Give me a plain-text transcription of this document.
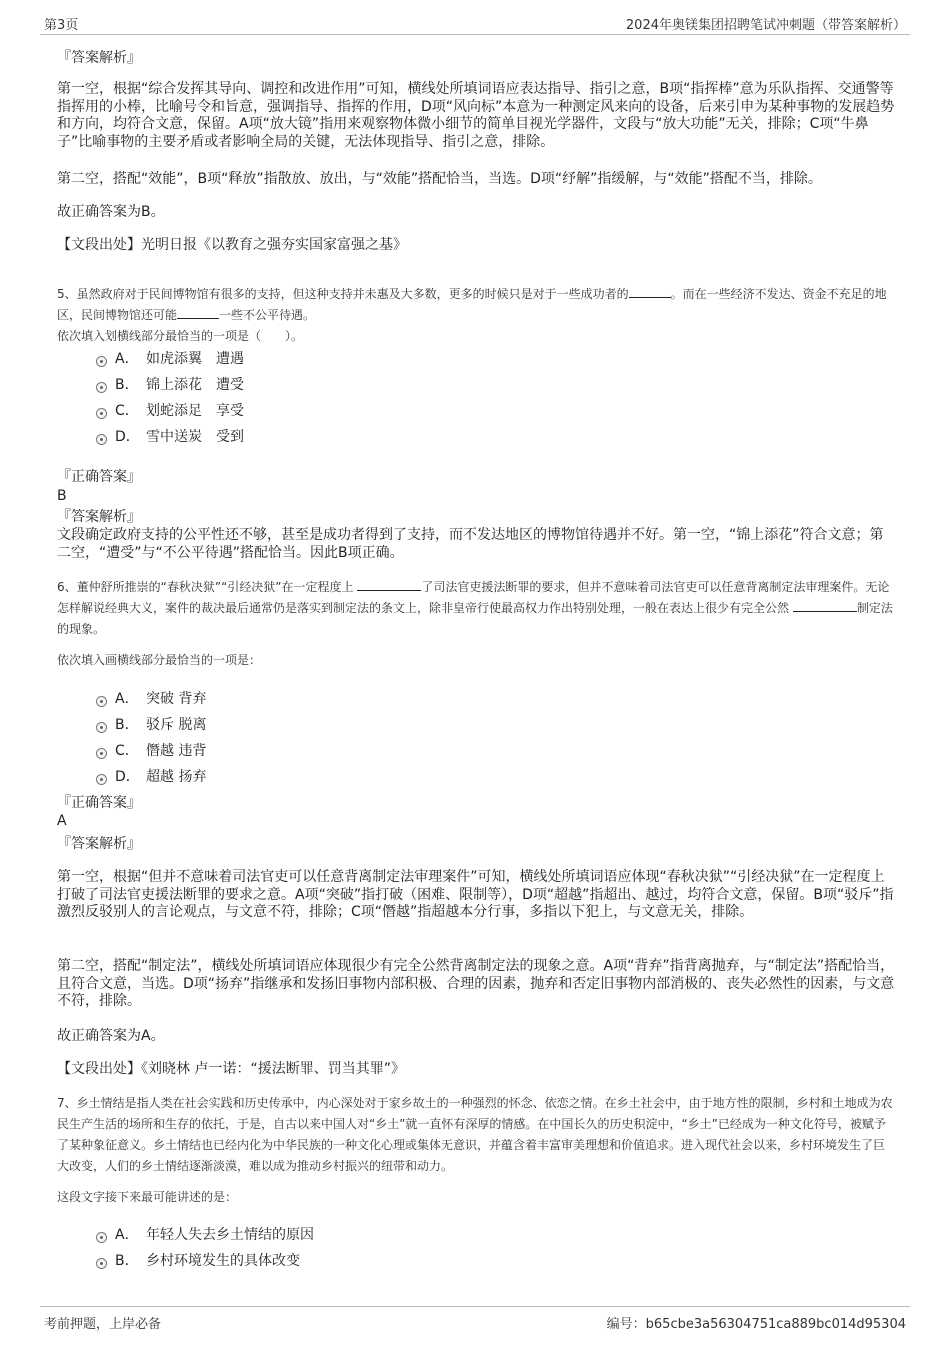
第3页	2024年奥镁集团招聘笔试冲刺题（带答案解析）

『答案解析』

第一空，根据“综合发挥其导向、调控和改进作用”可知，横线处所填词语应表达指导、指引之意，B项“指挥棒”意为乐队指挥、交通警等指挥用的小棒，比喻号令和旨意，强调指导、指挥的作用，D项“风向标”本意为一种测定风来向的设备，后来引申为某种事物的发展趋势和方向，均符合文意，保留。A项“放大镜”指用来观察物体微小细节的简单目视光学器件，文段与“放大功能”无关，排除；C项“牛鼻子”比喻事物的主要矛盾或者影响全局的关键，无法体现指导、指引之意，排除。

第二空，搭配“效能”，B项“释放”指散放、放出，与“效能”搭配恰当，当选。D项“纾解”指缓解，与“效能”搭配不当，排除。

故正确答案为B。

【文段出处】光明日报《以教育之强夯实国家富强之基》

5、虽然政府对于民间博物馆有很多的支持，但这种支持并未惠及大多数，更多的时候只是对于一些成功者的	。而在一些经济不发达、资金不充足的地区，民间博物馆还可能	一些不公平待遇。

依次填入划横线部分最恰当的一项是（　　）。

A． 如虎添翼　遭遇
B． 锦上添花　遭受
C． 划蛇添足　享受
D． 雪中送炭　受到

『正确答案』

B

『答案解析』

文段确定政府支持的公平性还不够，甚至是成功者得到了支持，而不发达地区的博物馆待遇并不好。第一空，“锦上添花”符合文意；第二空，“遭受”与“不公平待遇”搭配恰当。因此B项正确。

6、董仲舒所推崇的“春秋决狱”“引经决狱”在一定程度上	了司法官吏援法断罪的要求，但并不意味着司法官吏可以任意背离制定法审理案件。无论怎样解说经典大义，案件的裁决最后通常仍是落实到制定法的条文上，除非皇帝行使最高权力作出特别处理，一般在表达上很少有完全公然	制定法的现象。

依次填入画横线部分最恰当的一项是：

A． 突破 背弃
B． 驳斥 脱离
C． 僭越 违背
D． 超越 扬弃

『正确答案』

A

『答案解析』

第一空，根据“但并不意味着司法官吏可以任意背离制定法审理案件”可知，横线处所填词语应体现“春秋决狱”“引经决狱”在一定程度上打破了司法官吏援法断罪的要求之意。A项“突破”指打破（困难、限制等），D项“超越”指超出、越过，均符合文意，保留。B项“驳斥”指激烈反驳别人的言论观点，与文意不符，排除；C项“僭越”指超越本分行事，多指以下犯上，与文意无关，排除。

第二空，搭配“制定法”，横线处所填词语应体现很少有完全公然背离制定法的现象之意。A项“背弃”指背离抛弃，与“制定法”搭配恰当，且符合文意，当选。D项“扬弃”指继承和发扬旧事物内部积极、合理的因素，抛弃和否定旧事物内部消极的、丧失必然性的因素，与文意不符，排除。

故正确答案为A。

【文段出处】《刘晓林 卢一诺：“援法断罪、罚当其罪”》

7、乡土情结是指人类在社会实践和历史传承中，内心深处对于家乡故土的一种强烈的怀念、依恋之情。在乡土社会中，由于地方性的限制，乡村和土地成为农民生产生活的场所和生存的依托，于是，自古以来中国人对“乡土”就一直怀有深厚的情感。在中国长久的历史积淀中，“乡土”已经成为一种文化符号，被赋予了某种象征意义。乡土情结也已经内化为中华民族的一种文化心理或集体无意识，并蕴含着丰富审美理想和价值追求。进入现代社会以来，乡村环境发生了巨大改变，人们的乡土情结逐渐淡漠，难以成为推动乡村振兴的纽带和动力。

这段文字接下来最可能讲述的是：

A． 年轻人失去乡土情结的原因
B． 乡村环境发生的具体改变
考前押题，上岸必备	编号：b65cbe3a56304751ca889bc014d95304
